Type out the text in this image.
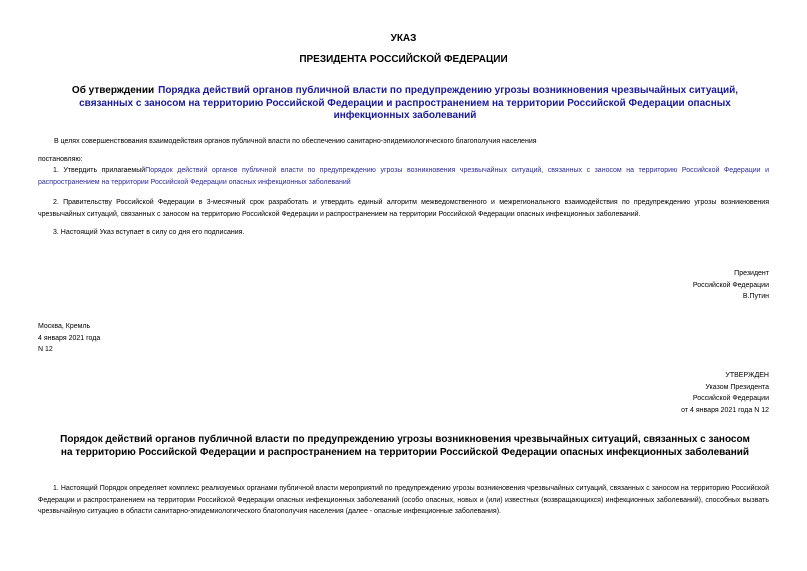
УКАЗ

ПРЕЗИДЕНТА РОССИЙСКОЙ ФЕДЕРАЦИИ

Об утверждении Порядка действий органов публичной власти по предупреждению угрозы возникновения чрезвычайных ситуаций, связанных с заносом на территорию Российской Федерации и распространением на территории Российской Федерации опасных инфекционных заболеваний

В целях совершенствования взаимодействия органов публичной власти по обеспечению санитарно-эпидемиологического благополучия населения

постановляю:

1. Утвердить прилагаемыйПорядок действий органов публичной власти по предупреждению угрозы возникновения чрезвычайных ситуаций, связанных с заносом на территорию Российской Федерации и распространением на территории Российской Федерации опасных инфекционных заболеваний

2. Правительству Российской Федерации в 3-месячный срок разработать и утвердить единый алгоритм межведомственного и межрегионального взаимодействия по предупреждению угрозы возникновения чрезвычайных ситуаций, связанных с заносом на территорию Российской Федерации и распространением на территории Российской Федерации опасных инфекционных заболеваний.

3. Настоящий Указ вступает в силу со дня его подписания.

Президент
Российской Федерации
В.Путин
Москва, Кремль
4 января 2021 года
N 12
УТВЕРЖДЕН
Указом Президента
Российской Федерации
от 4 января 2021 года N 12

Порядок действий органов публичной власти по предупреждению угрозы возникновения чрезвычайных ситуаций, связанных с заносом на территорию Российской Федерации и распространением на территории Российской Федерации опасных инфекционных заболеваний

1. Настоящий Порядок определяет комплекс реализуемых органами публичной власти мероприятий по предупреждению угрозы возникновения чрезвычайных ситуаций, связанных с заносом на территорию Российской Федерации и распространением на территории Российской Федерации опасных инфекционных заболеваний (особо опасных, новых и (или) известных (возвращающихся) инфекционных заболеваний), способных вызвать чрезвычайную ситуацию в области санитарно-эпидемиологического благополучия населения (далее - опасные инфекционные заболевания).
